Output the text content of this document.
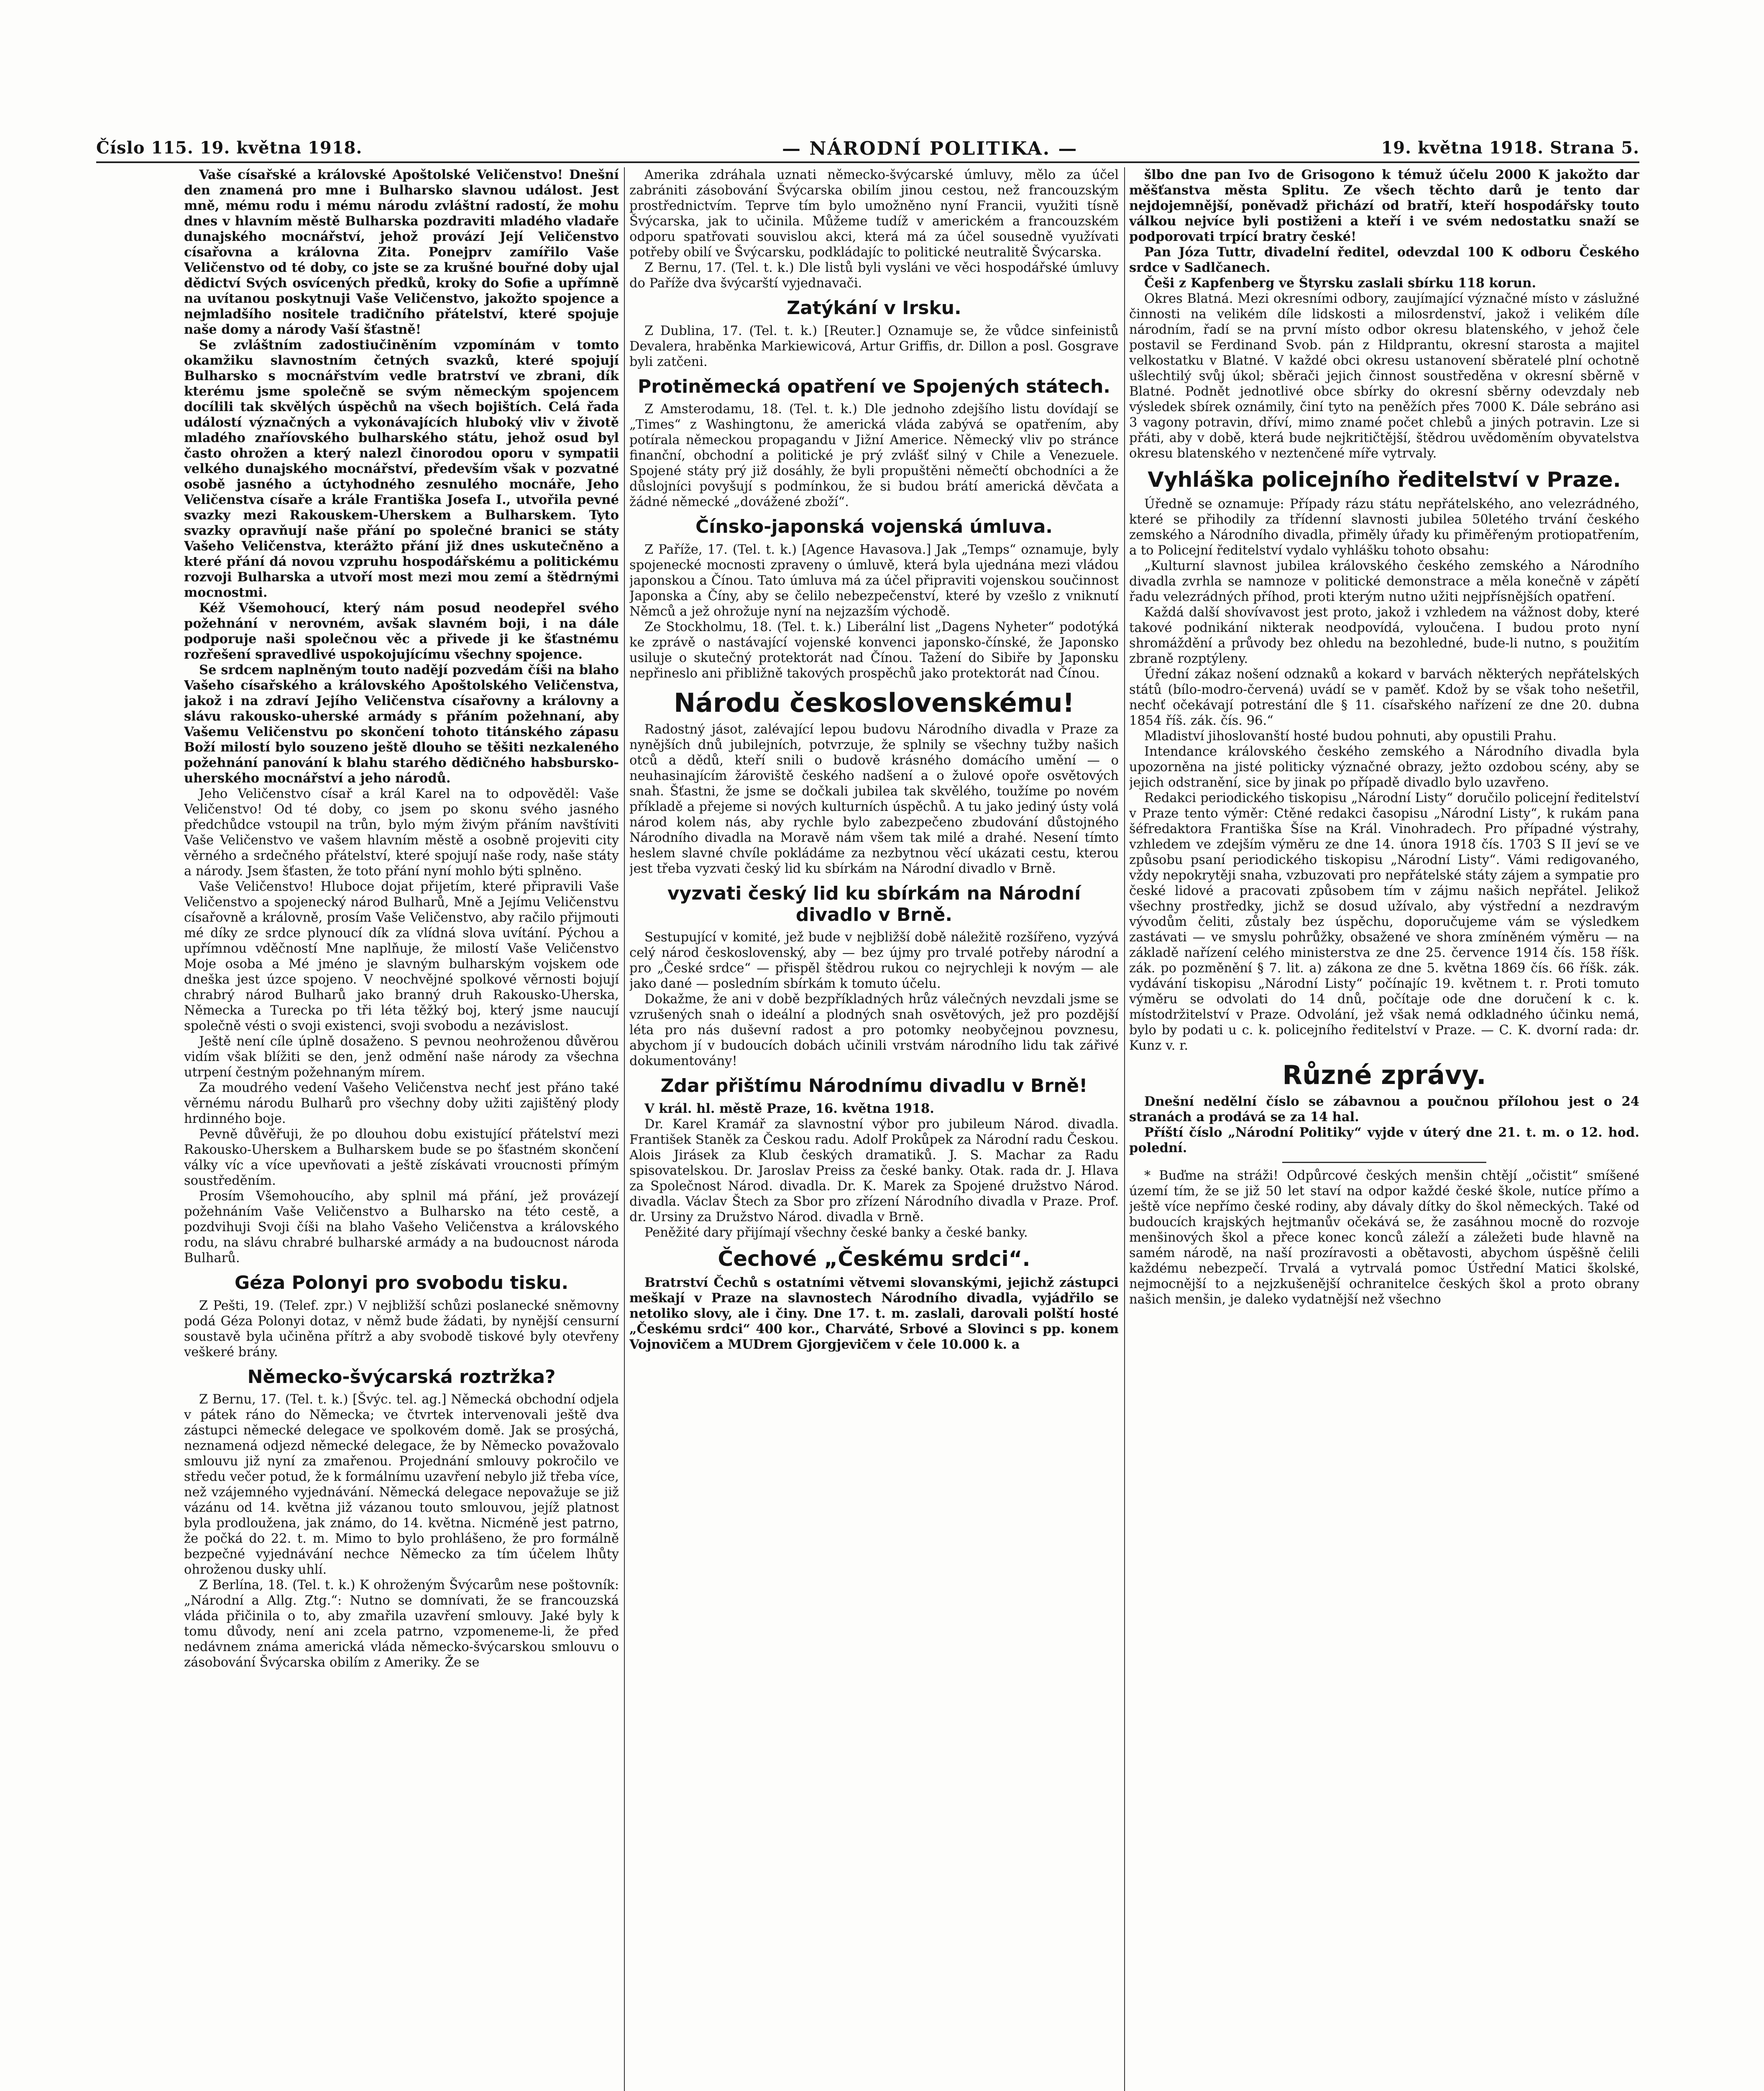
Číslo 115. 19. května 1918.	— NÁRODNÍ POLITIKA. —	19. května 1918. Strana 5.

Vaše císařské a královské Apoštolské Veličenstvo! Dnešní den znamená pro mne i Bulharsko slavnou událost. Jest mně, mému rodu i mému národu zvláštní radostí, že mohu dnes v hlavním městě Bulharska pozdraviti mladého vladaře dunajského mocnářství, jehož provází Její Veličenstvo císařovna a královna Zita. Ponejprv zamířilo Vaše Veličenstvo od té doby, co jste se za krušné bouřné doby ujal dědictví Svých osvícených předků, kroky do Sofie a upřímně na uvítanou poskytnuji Vaše Veličenstvo, jakožto spojence a nejmladšího nositele tradičního přátelství, které spojuje naše domy a národy Vaší šťastně!

Se zvláštním zadostiučiněním vzpomínám v tomto okamžiku slavnostním četných svazků, které spojují Bulharsko s mocnářstvím vedle bratrství ve zbrani, dík kterému jsme společně se svým německým spojencem docílili tak skvělých úspěchů na všech bojištích. Celá řada událostí význačných a vykonávajících hluboký vliv v životě mladého znaříovského bulharského státu, jehož osud byl často ohrožen a který nalezl činorodou oporu v sympatii velkého dunajského mocnářství, především však v pozvatné osobě jasného a úctyhodného zesnulého mocnáře, Jeho Veličenstva císaře a krále Františka Josefa I., utvořila pevné svazky mezi Rakouskem-Uherskem a Bulharskem. Tyto svazky opravňují naše přání po společné branici se státy Vašeho Veličenstva, kterážto přání již dnes uskutečněno a které přání dá novou vzpruhu hospodářskému a politickému rozvoji Bulharska a utvoří most mezi mou zemí a štědrnými mocnostmi.

Kéž Všemohoucí, který nám posud neodepřel svého požehnání v nerovném, avšak slavném boji, i na dále podporuje naši společnou věc a přivede ji ke šťastnému rozřešení spravedlivé uspokojujícímu všechny spojence.

Se srdcem naplněným touto nadějí pozvedám číši na blaho Vašeho císařského a královského Apoštolského Veličenstva, jakož i na zdraví Jejího Veličenstva císařovny a královny a slávu rakousko-uherské armády s přáním požehnaní, aby Vašemu Veličenstvu po skončení tohoto titánského zápasu Boží milostí bylo souzeno ještě dlouho se těšiti nezkaleného požehnání panování k blahu starého dědičného habsbursko-uherského mocnářství a jeho národů.

Jeho Veličenstvo císař a král Karel na to odpověděl: Vaše Veličenstvo! Od té doby, co jsem po skonu svého jasného předchůdce vstoupil na trůn, bylo mým živým přáním navštíviti Vaše Veličenstvo ve vašem hlavním městě a osobně projeviti city věrného a srdečného přátelství, které spojují naše rody, naše státy a národy. Jsem šťasten, že toto přání nyní mohlo býti splněno.

Vaše Veličenstvo! Hluboce dojat přijetím, které připravili Vaše Veličenstvo a spojenecký národ Bulharů, Mně a Jejímu Veličenstvu císařovně a královně, prosím Vaše Veličenstvo, aby račilo přijmouti mé díky ze srdce plynoucí dík za vlídná slova uvítání. Pýchou a upřímnou vděčností Mne naplňuje, že milostí Vaše Veličenstvo Moje osoba a Mé jméno je slavným bulharským vojskem ode dneška jest úzce spojeno. V neochvějné spolkové věrnosti bojují chrabrý národ Bulharů jako branný druh Rakousko-Uherska, Německa a Turecka po tři léta těžký boj, který jsme naucují společně vésti o svoji existenci, svoji svobodu a nezávislost.

Ještě není cíle úplně dosaženo. S pevnou neohroženou důvěrou vidím však blížiti se den, jenž odmění naše národy za všechna utrpení čestným požehnaným mírem.

Za moudrého vedení Vašeho Veličenstva nechť jest přáno také věrnému národu Bulharů pro všechny doby užiti zajištěný plody hrdinného boje.

Pevně důvěřuji, že po dlouhou dobu existující přátelství mezi Rakousko-Uherskem a Bulharskem bude se po šťastném skončení války víc a více upevňovati a ještě získávati vroucnosti přímým soustředěním.

Prosím Všemohoucího, aby splnil má přání, jež provázejí požehnáním Vaše Veličenstvo a Bulharsko na této cestě, a pozdvihuji Svoji číši na blaho Vašeho Veličenstva a královského rodu, na slávu chrabré bulharské armády a na budoucnost národa Bulharů.

Géza Polonyi pro svobodu tisku.

Z Pešti, 19. (Telef. zpr.) V nejbližší schůzi poslanecké sněmovny podá Géza Polonyi dotaz, v němž bude žádati, by nynější censurní soustavě byla učiněna přítrž a aby svobodě tiskové byly otevřeny veškeré brány.

Německo-švýcarská roztržka?

Z Bernu, 17. (Tel. t. k.) [Švýc. tel. ag.] Německá obchodní odjela v pátek ráno do Německa; ve čtvrtek intervenovali ještě dva zástupci německé delegace ve spolkovém domě. Jak se prosýchá, neznamená odjezd německé delegace, že by Německo považovalo smlouvu již nyní za zmařenou. Projednání smlouvy pokročilo ve středu večer potud, že k formálnímu uzavření nebylo již třeba více, než vzájemného vyjednávání. Německá delegace nepovažuje se již vázánu od 14. května již vázanou touto smlouvou, jejíž platnost byla prodloužena, jak známo, do 14. května. Nicméně jest patrno, že počká do 22. t. m. Mimo to bylo prohlášeno, že pro formálně bezpečné vyjednávání nechce Německo za tím účelem lhůty ohroženou dusky uhlí.

Z Berlína, 18. (Tel. t. k.) K ohroženým Švýcarům nese poštovník: „Národní a Allg. Ztg.“: Nutno se domnívati, že se francouzská vláda přičinila o to, aby zmařila uzavření smlouvy. Jaké byly k tomu důvody, není ani zcela patrno, vzpomeneme-li, že před nedávnem známa americká vláda německo-švýcarskou smlouvu o zásobování Švýcarska obilím z Ameriky. Že se

Amerika zdráhala uznati německo-švýcarské úmluvy, mělo za účel zabrániti zásobování Švýcarska obilím jinou cestou, než francouzským prostřednictvím. Teprve tím bylo umožněno nyní Francii, využiti tísně Švýcarska, jak to učinila. Můžeme tudíž v americkém a francouzském odporu spatřovati souvislou akci, která má za účel sousedně využívati potřeby obilí ve Švýcarsku, podkládajíc to politické neutralitě Švýcarska.

Z Bernu, 17. (Tel. t. k.) Dle listů byli vysláni ve věci hospodářské úmluvy do Paříže dva švýcarští vyjednavači.

Zatýkání v Irsku.

Z Dublina, 17. (Tel. t. k.) [Reuter.] Oznamuje se, že vůdce sinfeinistů Devalera, hraběnka Markiewicová, Artur Griffis, dr. Dillon a posl. Gosgrave byli zatčeni.

Protiněmecká opatření ve Spojených státech.

Z Amsterodamu, 18. (Tel. t. k.) Dle jednoho zdejšího listu dovídají se „Times“ z Washingtonu, že americká vláda zabývá se opatřením, aby potírala německou propagandu v Jižní Americe. Německý vliv po stránce finanční, obchodní a politické je prý zvlášť silný v Chile a Venezuele. Spojené státy prý již dosáhly, že byli propuštěni němečtí obchodníci a že důslojníci povyšují s podmínkou, že si budou brátí americká děvčata a žádné německé „dovážené zboží“.

Čínsko-japonská vojenská úmluva.

Z Paříže, 17. (Tel. t. k.) [Agence Havasova.] Jak „Temps“ oznamuje, byly spojenecké mocnosti zpraveny o úmluvě, která byla ujednána mezi vládou japonskou a Čínou. Tato úmluva má za účel připraviti vojenskou součinnost Japonska a Číny, aby se čelilo nebezpečenství, které by vzešlo z vniknutí Němců a jež ohrožuje nyní na nejzazším východě.

Ze Stockholmu, 18. (Tel. t. k.) Liberální list „Dagens Nyheter“ podotýká ke zprávě o nastávající vojenské konvenci japonsko-čínské, že Japonsko usiluje o skutečný protektorát nad Čínou. Tažení do Sibiře by Japonsku nepřineslo ani přibližně takových prospěchů jako protektorát nad Čínou.

Národu československému!

Radostný jásot, zalévající lepou budovu Národního divadla v Praze za nynějších dnů jubilejních, potvrzuje, že splnily se všechny tužby našich otců a dědů, kteří snili o budově krásného domácího umění — o neuhasinajícím žároviště českého nadšení a o žulové opoře osvětových snah. Šťastni, že jsme se dočkali jubilea tak skvělého, toužíme po novém příkladě a přejeme si nových kulturních úspěchů. A tu jako jediný ústy volá národ kolem nás, aby rychle bylo zabezpečeno zbudování důstojného Národního divadla na Moravě nám všem tak milé a drahé. Nesení tímto heslem slavné chvíle pokládáme za nezbytnou věcí ukázati cestu, kterou jest třeba vyzvati český lid ku sbírkám na Národní divadlo v Brně.

vyzvati český lid ku sbírkám na Národní divadlo v Brně.

Sestupující v komité, jež bude v nejbližší době náležitě rozšířeno, vyzývá celý národ československý, aby — bez újmy pro trvalé potřeby národní a pro „České srdce“ — přispěl štědrou rukou co nejrychleji k novým — ale jako dané — posledním sbírkám k tomuto účelu.

Dokažme, že ani v době bezpříkladných hrůz válečných nevzdali jsme se vzrušených snah o ideální a plodných snah osvětových, jež pro pozdější léta pro nás duševní radost a pro potomky neobyčejnou povznesu, abychom jí v budoucích dobách učinili vrstvám národního lidu tak zářivé dokumentovány!

Zdar přištímu Národnímu divadlu v Brně!

V král. hl. městě Praze, 16. května 1918.

Dr. Karel Kramář za slavnostní výbor pro jubileum Národ. divadla. František Staněk za Českou radu. Adolf Prokůpek za Národní radu Českou. Alois Jirásek za Klub českých dramatiků. J. S. Machar za Radu spisovatelskou. Dr. Jaroslav Preiss za české banky. Otak. rada dr. J. Hlava za Společnost Národ. divadla. Dr. K. Marek za Spojené družstvo Národ. divadla. Václav Štech za Sbor pro zřízení Národního divadla v Praze. Prof. dr. Ursiny za Družstvo Národ. divadla v Brně.

Peněžité dary přijímají všechny české banky a české banky.

Čechové „Českému srdci“.

Bratrství Čechů s ostatními větvemi slovanskými, jejichž zástupci meškají v Praze na slavnostech Národního divadla, vyjádřilo se netoliko slovy, ale i činy. Dne 17. t. m. zaslali, darovali polští hosté „Českému srdci“ 400 kor., Charváté, Srbové a Slovinci s pp. konem Vojnovičem a MUDrem Gjorgjevičem v čele 10.000 k. a

šlbo dne pan Ivo de Grisogono k témuž účelu 2000 K jakožto dar měšťanstva města Splitu. Ze všech těchto darů je tento dar nejdojemnější, poněvadž přichází od bratří, kteří hospodářsky touto válkou nejvíce byli postiženi a kteří i ve svém nedostatku snaží se podporovati trpící bratry české!

Pan Józa Tuttr, divadelní ředitel, odevzdal 100 K odboru Českého srdce v Sadlčanech.

Češi z Kapfenberg ve Štyrsku zaslali sbírku 118 korun.

Okres Blatná. Mezi okresními odbory, zaujímající význačné místo v záslužné činnosti na velikém díle lidskosti a milosrdenství, jakož i velikém díle národním, řadí se na první místo odbor okresu blatenského, v jehož čele postavil se Ferdinand Svob. pán z Hildprantu, okresní starosta a majitel velkostatku v Blatné. V každé obci okresu ustanovení sběratelé plní ochotně ušlechtilý svůj úkol; sběrači jejich činnost soustředěna v okresní sběrně v Blatné. Podnět jednotlivé obce sbírky do okresní sběrny odevzdaly neb výsledek sbírek oznámily, činí tyto na peněžích přes 7000 K. Dále sebráno asi 3 vagony potravin, dříví, mimo znamé počet chlebů a jiných potravin. Lze si přáti, aby v době, která bude nejkritičtější, štědrou uvědoměním obyvatelstva okresu blatenského v neztenčené míře vytrvaly.

Vyhláška policejního ředitelství v Praze.

Úředně se oznamuje: Případy rázu státu nepřátelského, ano velezrádného, které se přihodily za třídenní slavnosti jubilea 50letého trvání českého zemského a Národního divadla, přiměly úřady ku přiměřeným protiopatřením, a to Policejní ředitelství vydalo vyhlášku tohoto obsahu:

„Kulturní slavnost jubilea královského českého zemského a Národního divadla zvrhla se namnoze v politické demonstrace a měla konečně v zápětí řadu velezrádných příhod, proti kterým nutno užiti nejpřísnějších opatření.

Každá další shovívavost jest proto, jakož i vzhledem na vážnost doby, které takové podnikání nikterak neodpovídá, vyloučena. I budou proto nyní shromáždění a průvody bez ohledu na bezohledné, bude-li nutno, s použitím zbraně rozptýleny.

Úřední zákaz nošení odznaků a kokard v barvách některých nepřátelských států (bílo-modro-červená) uvádí se v paměť. Kdož by se však toho nešetřil, nechť očekávají potrestání dle § 11. císařského nařízení ze dne 20. dubna 1854 říš. zák. čís. 96.“

Mladiství jihoslovanští hosté budou pohnuti, aby opustili Prahu.

Intendance královského českého zemského a Národního divadla byla upozorněna na jisté politicky význačné obrazy, ježto ozdobou scény, aby se jejich odstranění, sice by jinak po případě divadlo bylo uzavřeno.

Redakci periodického tiskopisu „Národní Listy“ doručilo policejní ředitelství v Praze tento výměr: Ctěné redakci časopisu „Národní Listy“, k rukám pana šéfredaktora Františka Šíse na Král. Vinohradech. Pro případné výstrahy, vzhledem ve zdejším výměru ze dne 14. února 1918 čís. 1703 S II jeví se ve způsobu psaní periodického tiskopisu „Národní Listy“. Vámi redigovaného, vždy nepokrytěji snaha, vzbuzovati pro nepřátelské státy zájem a sympatie pro české lidové a pracovati způsobem tím v zájmu našich nepřátel. Jelikož všechny prostředky, jichž se dosud užívalo, aby výstřední a nezdravým vývodům čeliti, zůstaly bez úspěchu, doporučujeme vám se výsledkem zastávati — ve smyslu pohrůžky, obsažené ve shora zmíněném výměru — na základě nařízení celého ministerstva ze dne 25. července 1914 čís. 158 říšk. zák. po pozměnění § 7. lit. a) zákona ze dne 5. května 1869 čís. 66 říšk. zák. vydávání tiskopisu „Národní Listy“ počínajíc 19. květnem t. r. Proti tomuto výměru se odvolati do 14 dnů, počítaje ode dne doručení k c. k. místodržitelství v Praze. Odvolání, jež však nemá odkladného účinku nemá, bylo by podati u c. k. policejního ředitelství v Praze. — C. K. dvorní rada: dr. Kunz v. r.

Různé zprávy.

Dnešní nedělní číslo se zábavnou a poučnou přílohou jest o 24 stranách a prodává se za 14 hal.

Příští číslo „Národní Politiky“ vyjde v úterý dne 21. t. m. o 12. hod. polední.

* Buďme na stráži! Odpůrcové českých menšin chtějí „očistit“ smíšené území tím, že se již 50 let staví na odpor každé české škole, nutíce přímo a ještě více nepřímo české rodiny, aby dávaly dítky do škol německých. Také od budoucích krajských hejtmanův očekává se, že zasáhnou mocně do rozvoje menšinových škol a přece konec konců záleží a záležeti bude hlavně na samém národě, na naší prozíravosti a obětavosti, abychom úspěšně čelili každému nebezpečí. Trvalá a vytrvalá pomoc Ústřední Matici školské, nejmocnější to a nejzkušenější ochranitelce českých škol a proto obrany našich menšin, je daleko vydatnější než všechno
